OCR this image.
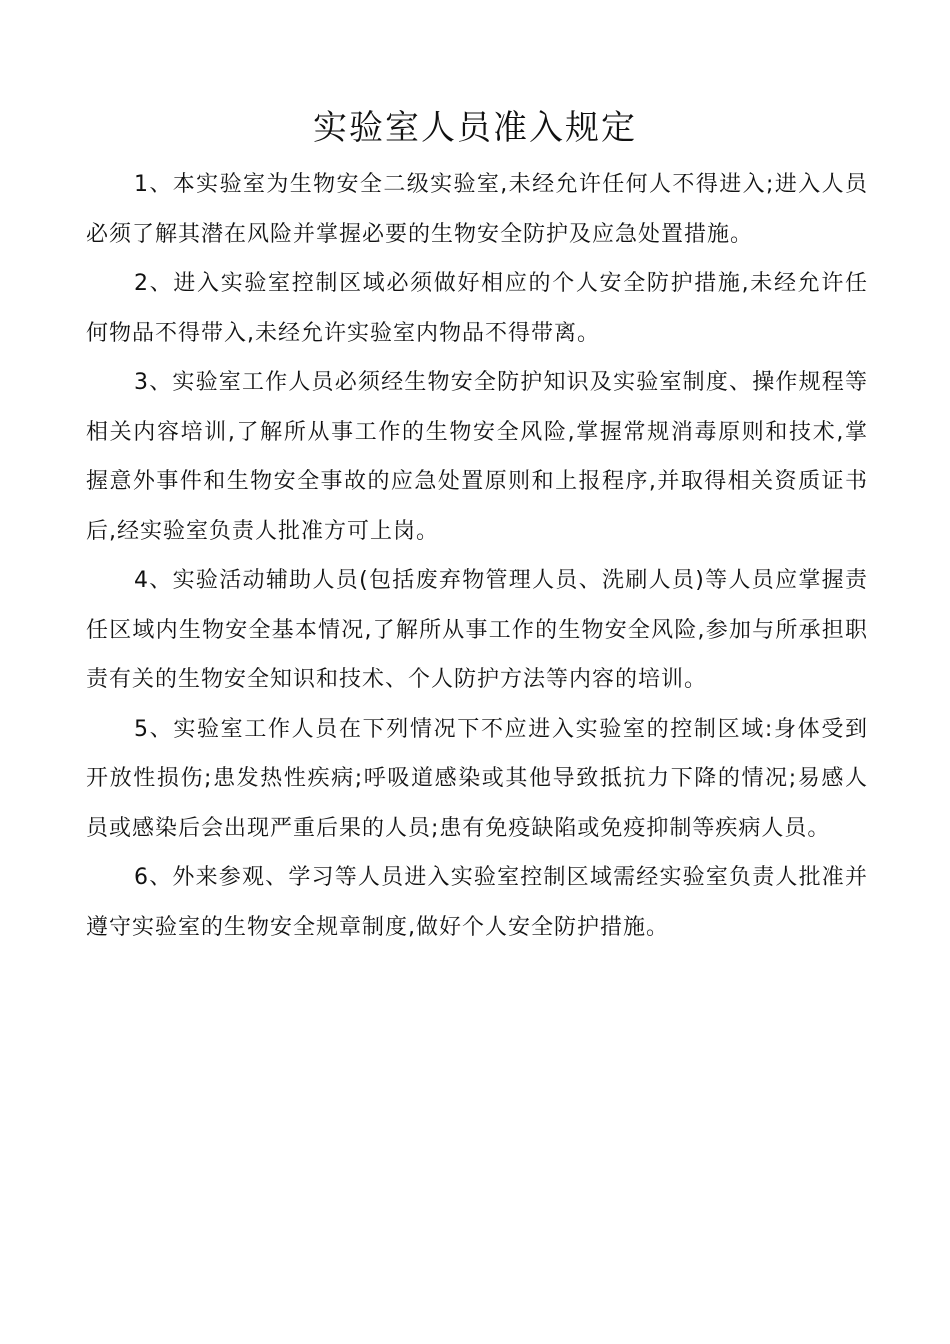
实验室人员准入规定

1、本实验室为生物安全二级实验室,未经允许任何人不得进入;进入人员必须了解其潜在风险并掌握必要的生物安全防护及应急处置措施。

2、进入实验室控制区域必须做好相应的个人安全防护措施,未经允许任何物品不得带入,未经允许实验室内物品不得带离。

3、实验室工作人员必须经生物安全防护知识及实验室制度、操作规程等相关内容培训,了解所从事工作的生物安全风险,掌握常规消毒原则和技术,掌握意外事件和生物安全事故的应急处置原则和上报程序,并取得相关资质证书后,经实验室负责人批准方可上岗。

4、实验活动辅助人员(包括废弃物管理人员、洗刷人员)等人员应掌握责任区域内生物安全基本情况,了解所从事工作的生物安全风险,参加与所承担职责有关的生物安全知识和技术、个人防护方法等内容的培训。

5、实验室工作人员在下列情况下不应进入实验室的控制区域:身体受到开放性损伤;患发热性疾病;呼吸道感染或其他导致抵抗力下降的情况;易感人员或感染后会出现严重后果的人员;患有免疫缺陷或免疫抑制等疾病人员。

6、外来参观、学习等人员进入实验室控制区域需经实验室负责人批准并遵守实验室的生物安全规章制度,做好个人安全防护措施。
